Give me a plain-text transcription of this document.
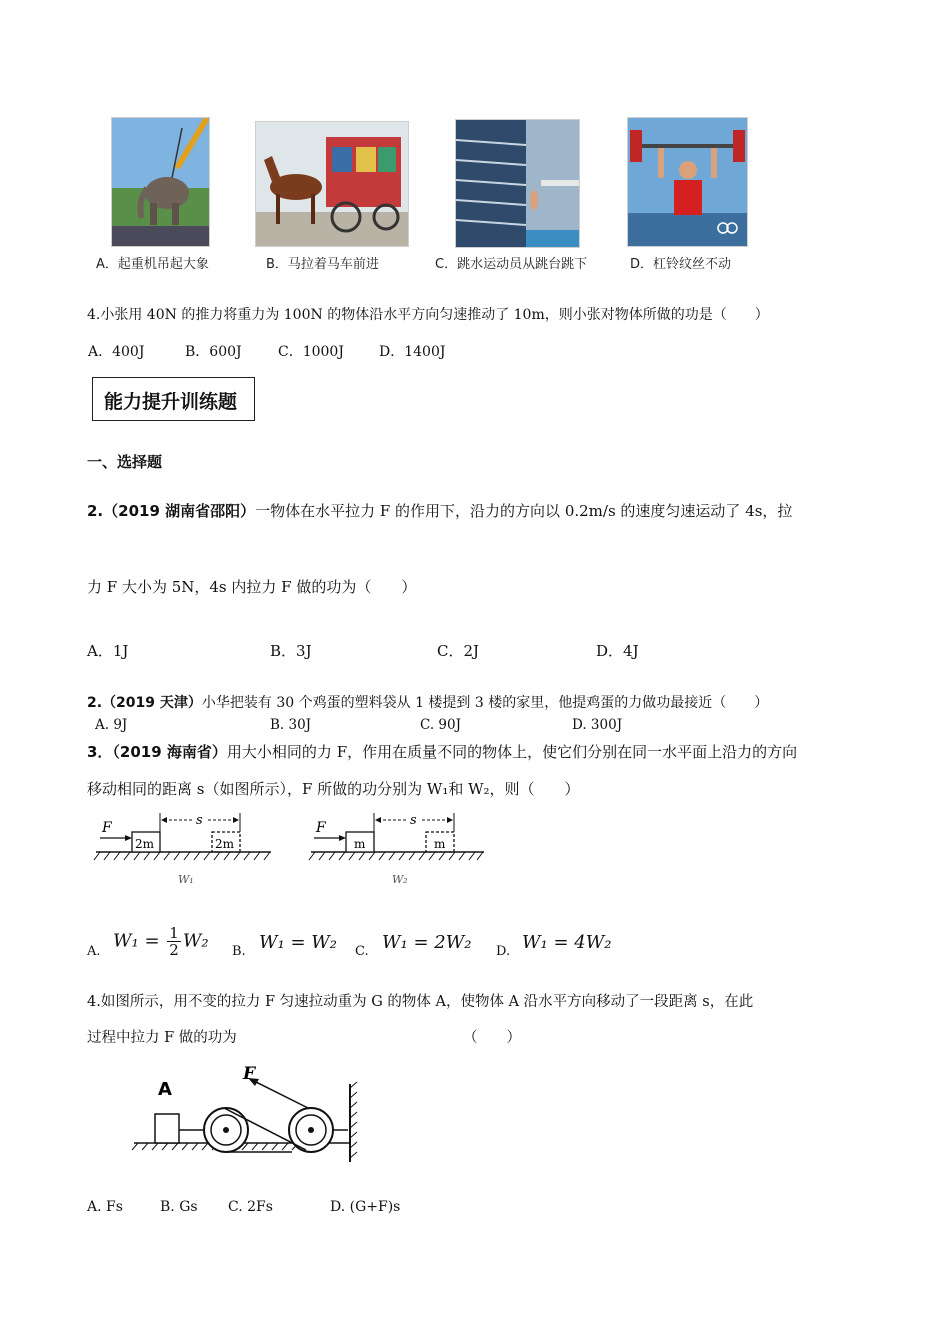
A．起重机吊起大象	B．马拉着马车前进	C．跳水运动员从跳台跳下	D．杠铃纹丝不动
4.小张用 40N 的推力将重力为 100N 的物体沿水平方向匀速推动了 10m，则小张对物体所做的功是（　　）
A．400J	B．600J	C．1000J	D．1400J
能力提升训练题
一、选择题
2.（2019 湖南省邵阳）一物体在水平拉力 F 的作用下，沿力的方向以 0.2m/s 的速度匀速运动了 4s，拉
力 F 大小为 5N，4s 内拉力 F 做的功为（　　）
A．1J	B．3J	C．2J	D．4J
2.（2019 天津）小华把装有 30 个鸡蛋的塑料袋从 1 楼提到 3 楼的家里，他提鸡蛋的力做功最接近（　　）
A. 9J	B. 30J	C. 90J	D. 300J
3．（2019 海南省）用大小相同的力 F，作用在质量不同的物体上，使它们分别在同一水平面上沿力的方向
移动相同的距离 s（如图所示），F 所做的功分别为 W₁和 W₂，则（　　）
F	s
2m	2m
W₁
F	s
m	m
W₂
A. $W_1 = \frac{1}{2} W_2$ B. W₁ = W₂ C. W₁ = 2W₂ D. W₁ = 4W₂
4.如图所示，用不变的拉力 F 匀速拉动重为 G 的物体 A，使物体 A 沿水平方向移动了一段距离 s，在此
过程中拉力 F 做的功为	（　　）
A
F
A. Fs	B. Gs C. 2Fs	D. (G+F)s
